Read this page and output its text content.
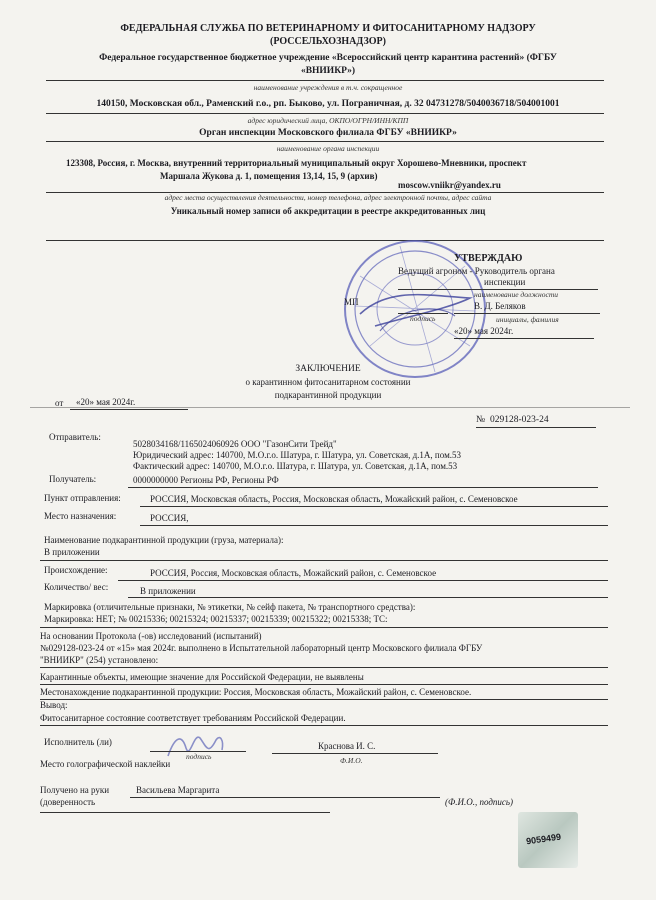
ФЕДЕРАЛЬНАЯ СЛУЖБА ПО ВЕТЕРИНАРНОМУ И ФИТОСАНИТАРНОМУ НАДЗОРУ
(РОССЕЛЬХОЗНАДЗОР)
Федеральное государственное бюджетное учреждение «Всероссийский центр карантина растений» (ФГБУ
«ВНИИКР»)
наименование учреждения в т.ч. сокращенное
140150, Московская обл., Раменский г.о., рп. Быково, ул. Пограничная, д. 32 04731278/5040036718/504001001
адрес юридический лица, ОКПО/ОГРН/ИНН/КПП
Орган инспекции Московского филиала ФГБУ «ВНИИКР»
наименование органа инспекции
123308, Россия, г. Москва, внутренний территориальный муниципальный округ Хорошево-Мневники, проспект
Маршала Жукова д. 1, помещения 13,14, 15, 9 (архив)
moscow.vniikr@yandex.ru
адрес места осуществления деятельности, номер телефона, адрес электронной почты, адрес сайта
Уникальный номер записи об аккредитации в реестре аккредитованных лиц
УТВЕРЖДАЮ
Ведущий агроном - Руководитель органа
инспекции
наименование должности
МП	В. Д. Беляков
подпись	инициалы, фамилия
«20» мая 2024г.
ЗАКЛЮЧЕНИЕ
о карантинном фитосанитарном состоянии
подкарантинной продукции
от «20» мая 2024г.
№ 029128-023-24
Отправитель:
5028034168/1165024060926 ООО "ГазонСити Трейд"
Юридический адрес: 140700, М.О.г.о. Шатура, г. Шатура, ул. Советская, д.1А, пом.53
Фактический адрес: 140700, М.О.г.о. Шатура, г. Шатура, ул. Советская, д.1А, пом.53
Получатель:	0000000000 Регионы РФ, Регионы РФ
Пункт отправления:	РОССИЯ, Московская область, Россия, Московская область, Можайский район, с. Семеновское
Место назначения:	РОССИЯ,
Наименование подкарантинной продукции (груза, материала):
В приложении
Происхождение:	РОССИЯ, Россия, Московская область, Можайский район, с. Семеновское
Количество/ вес:	В приложении
Маркировка (отличительные признаки, № этикетки, № сейф пакета, № транспортного средства):
Маркировка: НЕТ; № 00215336; 00215324; 00215337; 00215339; 00215322; 00215338; ТС:
На основании Протокола (-ов) исследований (испытаний)
№029128-023-24 от «15» мая 2024г. выполнено в Испытательной лабораторный центр Московского филиала ФГБУ
"ВНИИКР" (254) установлено:
Карантинные объекты, имеющие значение для Российской Федерации, не выявлены
Местонахождение подкарантинной продукции: Россия, Московская область, Можайский район, с. Семеновское.
Вывод:
Фитосанитарное состояние соответствует требованиям Российской Федерации.
Исполнитель (ли)
подпись
Краснова И. С.
Ф.И.О.
Место голографической наклейки
Получено на руки	Васильева Маргарита
(доверенность	(Ф.И.О., подпись)
9059499
